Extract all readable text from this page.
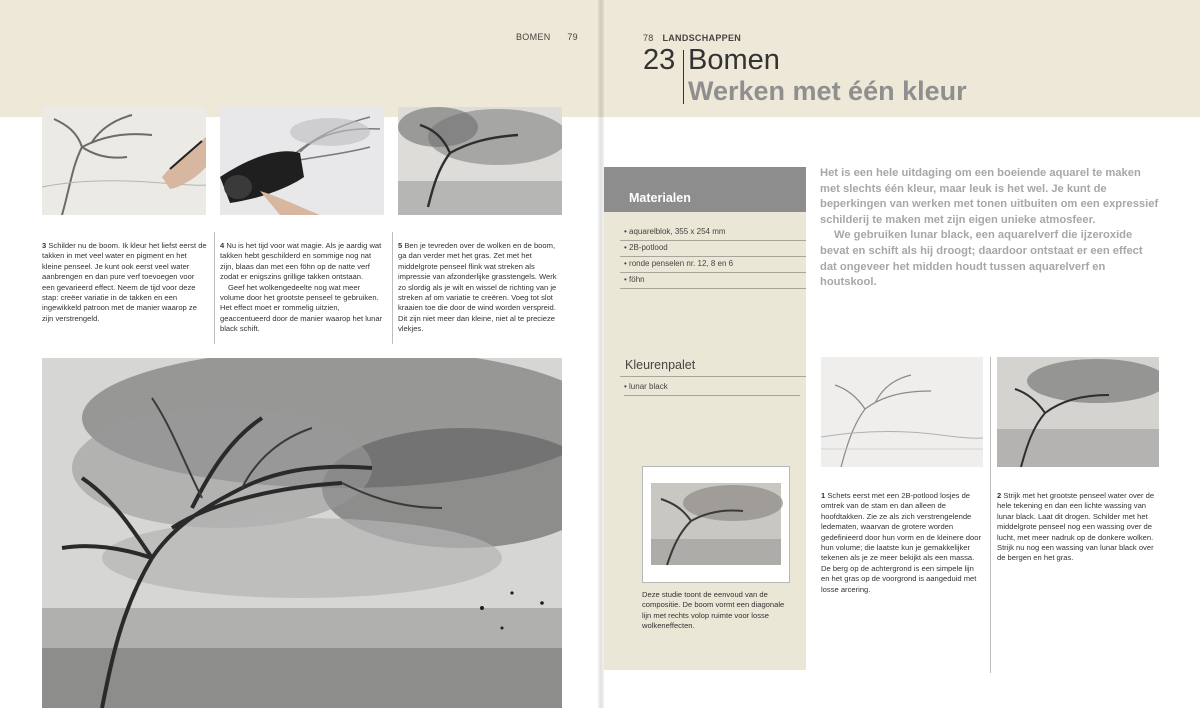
BOMEN 79

3 Schilder nu de boom. Ik kleur het liefst eerst de takken in met veel water en pigment en het kleine penseel. Je kunt ook eerst veel water aanbrengen en dan pure verf toevoegen voor een gevarieerd effect. Neem de tijd voor deze stap: creëer variatie in de takken en een ingewikkeld patroon met de manier waarop ze zijn verstrengeld.

4 Nu is het tijd voor wat magie. Als je aardig wat takken hebt geschilderd en sommige nog nat zijn, blaas dan met een föhn op de natte verf zodat er enigszins grillige takken ontstaan.

Geef het wolkengedeelte nog wat meer volume door het grootste penseel te gebruiken. Het effect moet er rommelig uitzien, geaccentueerd door de manier waarop het lunar black schift.

5 Ben je tevreden over de wolken en de boom, ga dan verder met het gras. Zet met het middelgrote penseel flink wat streken als impressie van afzonderlijke grasstengels. Werk zo slordig als je wilt en wissel de richting van je streken af om variatie te creëren. Voeg tot slot kraaien toe die door de wind worden verspreid. Dit zijn niet meer dan kleine, niet al te precieze vlekjes.

78 LANDSCHAPPEN
23 Bomen
Werken met één kleur
Materialen
• aquarelblok, 355 x 254 mm
• 2B-potlood
• ronde penselen nr. 12, 8 en 6
• föhn
Kleurenpalet
• lunar black

Deze studie toont de eenvoud van de compositie. De boom vormt een diagonale lijn met rechts volop ruimte voor losse wolkeneffecten.

Het is een hele uitdaging om een boeiende aquarel te maken met slechts één kleur, maar leuk is het wel. Je kunt de beperkingen van werken met tonen uitbuiten om een expressief schilderij te maken met zijn eigen unieke atmosfeer.

We gebruiken lunar black, een aquarelverf die ijzeroxide bevat en schift als hij droogt; daardoor ontstaat er een effect dat ongeveer het midden houdt tussen aquarelverf en houtskool.

1 Schets eerst met een 2B-potlood losjes de omtrek van de stam en dan alleen de hoofdtakken. Zie ze als zich verstrengelende ledematen, waarvan de grotere worden gedefinieerd door hun vorm en de kleinere door hun volume; die laatste kun je gemakkelijker tekenen als je ze meer bekijkt als een massa. De berg op de achtergrond is een simpele lijn en het gras op de voorgrond is aangeduid met losse arcering.

2 Strijk met het grootste penseel water over de hele tekening en dan een lichte wassing van lunar black. Laat dit drogen. Schilder met het middelgrote penseel nog een wassing over de lucht, met meer nadruk op de donkere wolken. Strijk nu nog een wassing van lunar black over de bergen en het gras.
